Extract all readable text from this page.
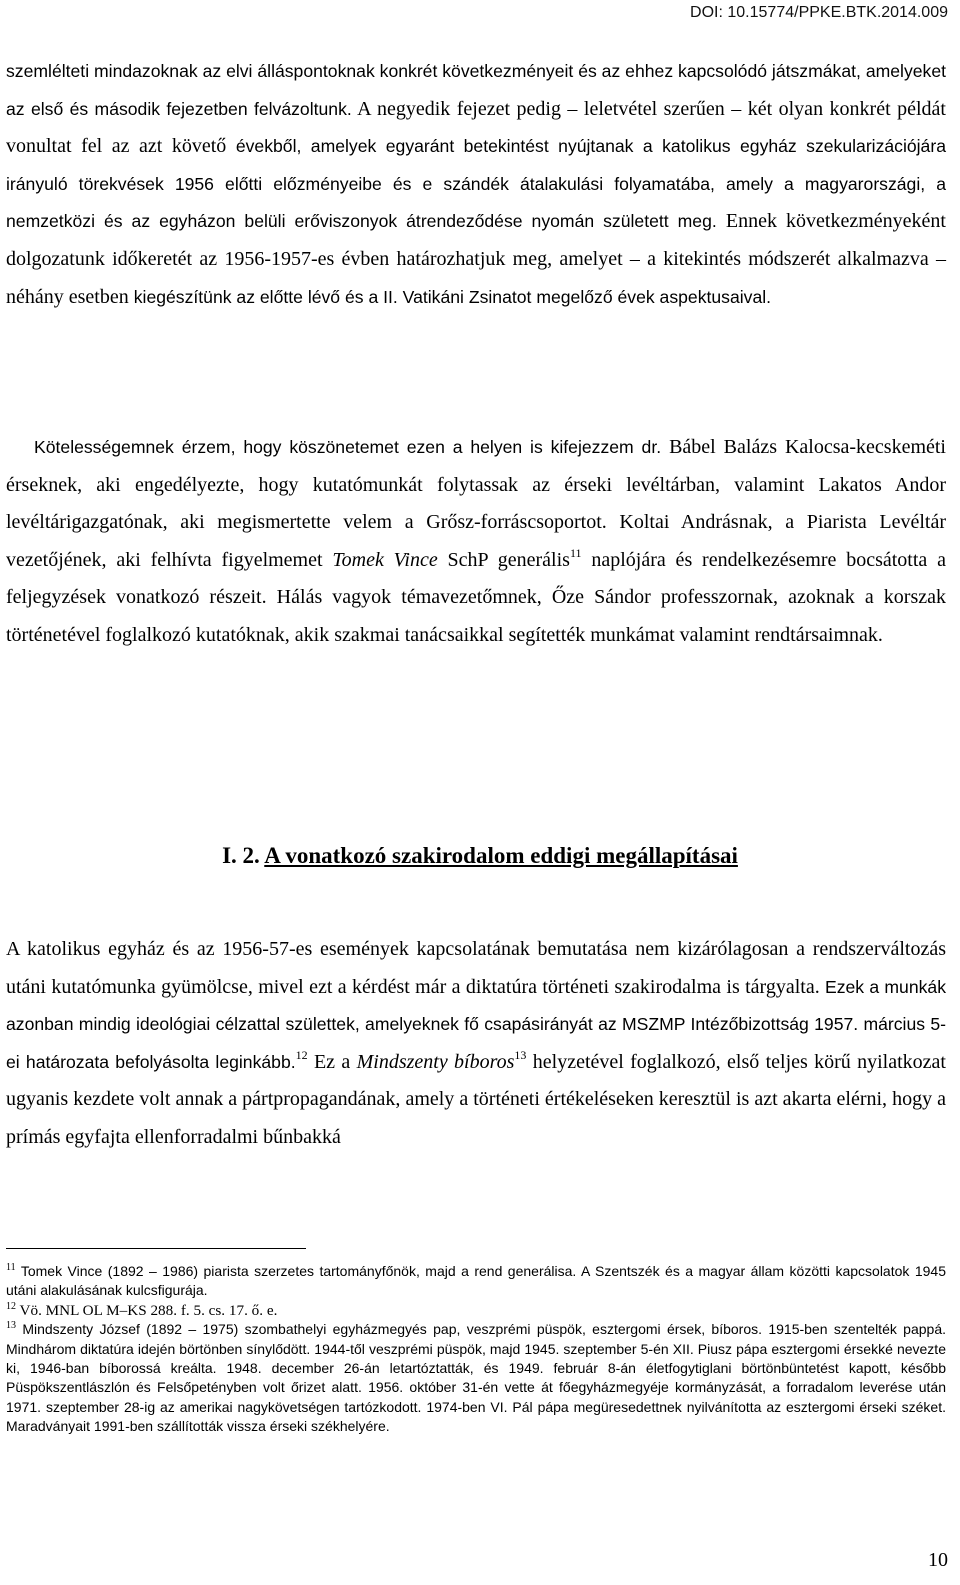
DOI: 10.15774/PPKE.BTK.2014.009

szemlélteti mindazoknak az elvi álláspontoknak konkrét következményeit és az ehhez kapcsolódó játszmákat, amelyeket az első és második fejezetben felvázoltunk. A negyedik fejezet pedig – leletvétel szerűen – két olyan konkrét példát vonultat fel az azt követő évekből, amelyek egyaránt betekintést nyújtanak a katolikus egyház szekularizációjára irányuló törekvések 1956 előtti előzményeibe és e szándék átalakulási folyamatába, amely a magyarországi, a nemzetközi és az egyházon belüli erőviszonyok átrendeződése nyomán született meg. Ennek következményeként dolgozatunk időkeretét az 1956-1957-es évben határozhatjuk meg, amelyet – a kitekintés módszerét alkalmazva – néhány esetben kiegészítünk az előtte lévő és a II. Vatikáni Zsinatot megelőző évek aspektusaival.

Kötelességemnek érzem, hogy köszönetemet ezen a helyen is kifejezzem dr. Bábel Balázs Kalocsa-kecskeméti érseknek, aki engedélyezte, hogy kutatómunkát folytassak az érseki levéltárban, valamint Lakatos Andor levéltárigazgatónak, aki megismertette velem a Grősz-forráscsoportot. Koltai Andrásnak, a Piarista Levéltár vezetőjének, aki felhívta figyelmemet Tomek Vince SchP generális$^{11}$ naplójára és rendelkezésemre bocsátotta a feljegyzések vonatkozó részeit. Hálás vagyok témavezetőmnek, Őze Sándor professzornak, azoknak a korszak történetével foglalkozó kutatóknak, akik szakmai tanácsaikkal segítették munkámat valamint rendtársaimnak.

I. 2. A vonatkozó szakirodalom eddigi megállapításai

A katolikus egyház és az 1956-57-es események kapcsolatának bemutatása nem kizárólagosan a rendszerváltozás utáni kutatómunka gyümölcse, mivel ezt a kérdést már a diktatúra történeti szakirodalma is tárgyalta. Ezek a munkák azonban mindig ideológiai célzattal születtek, amelyeknek fő csapásirányát az MSZMP Intézőbizottság 1957. március 5-ei határozata befolyásolta leginkább.$^{12}$ Ez a Mindszenty bíboros$^{13}$ helyzetével foglalkozó, első teljes körű nyilatkozat ugyanis kezdete volt annak a pártpropagandának, amely a történeti értékeléseken keresztül is azt akarta elérni, hogy a prímás egyfajta ellenforradalmi bűnbakká

$^{11}$ Tomek Vince (1892 – 1986) piarista szerzetes tartományfőnök, majd a rend generálisa. A Szentszék és a magyar állam közötti kapcsolatok 1945 utáni alakulásának kulcsfigurája.

$^{12}$ Vö. MNL OL M–KS 288. f. 5. cs. 17. ő. e.

$^{13}$ Mindszenty József (1892 – 1975) szombathelyi egyházmegyés pap, veszprémi püspök, esztergomi érsek, bíboros. 1915-ben szentelték pappá. Mindhárom diktatúra idején börtönben sínylődött. 1944-től veszprémi püspök, majd 1945. szeptember 5-én XII. Piusz pápa esztergomi érsekké nevezte ki, 1946-ban bíborossá kreálta. 1948. december 26-án letartóztatták, és 1949. február 8-án életfogytiglani börtönbüntetést kapott, később Püspökszentlászlón és Felsőpetényben volt őrizet alatt. 1956. október 31-én vette át főegyházmegyéje kormányzását, a forradalom leverése után 1971. szeptember 28-ig az amerikai nagykövetségen tartózkodott. 1974-ben VI. Pál pápa megüresedettnek nyilvánította az esztergomi érseki széket. Maradványait 1991-ben szállították vissza érseki székhelyére.

10
